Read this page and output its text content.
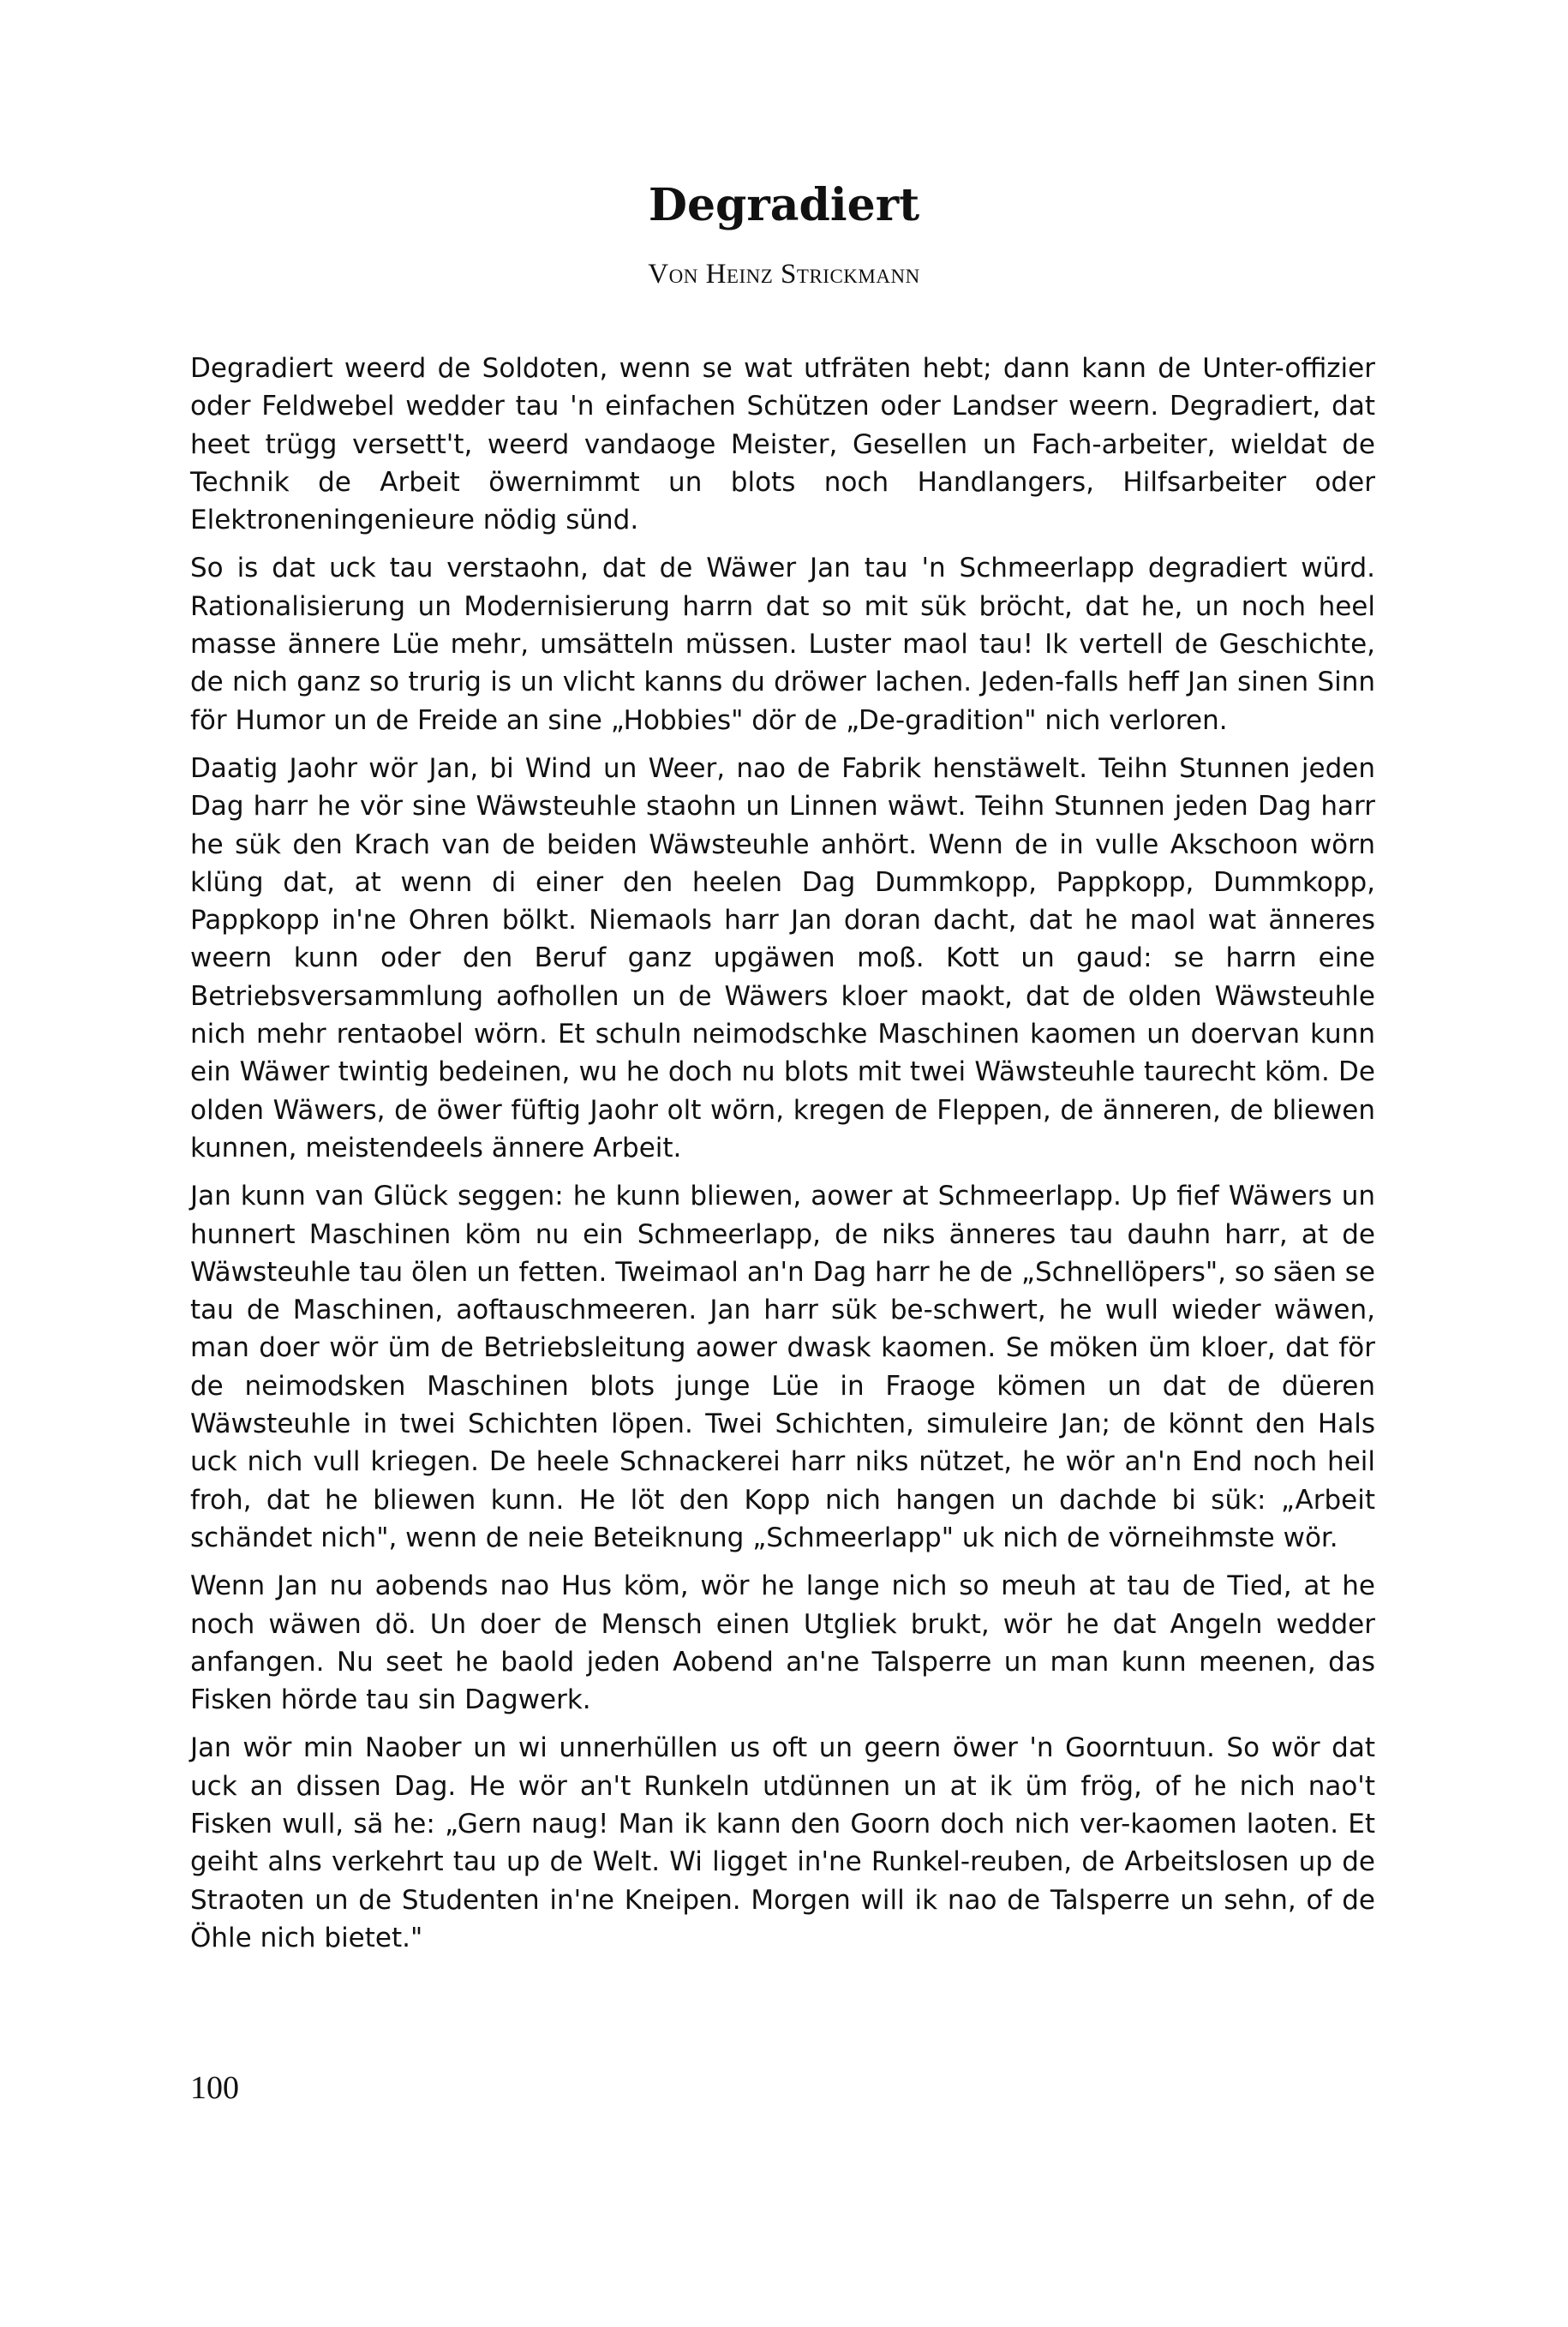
Degradiert
Von Heinz Strickmann

Degradiert weerd de Soldoten, wenn se wat utfräten hebt; dann kann de Unter-offizier oder Feldwebel wedder tau 'n einfachen Schützen oder Landser weern. Degradiert, dat heet trügg versett't, weerd vandaoge Meister, Gesellen un Fach-arbeiter, wieldat de Technik de Arbeit öwernimmt un blots noch Handlangers, Hilfsarbeiter oder Elektroneningenieure nödig sünd.

So is dat uck tau verstaohn, dat de Wäwer Jan tau 'n Schmeerlapp degradiert würd. Rationalisierung un Modernisierung harrn dat so mit sük bröcht, dat he, un noch heel masse ännere Lüe mehr, umsätteln müssen. Luster maol tau! Ik vertell de Geschichte, de nich ganz so trurig is un vlicht kanns du dröwer lachen. Jeden-falls heff Jan sinen Sinn för Humor un de Freide an sine „Hobbies" dör de „De-gradition" nich verloren.

Daatig Jaohr wör Jan, bi Wind un Weer, nao de Fabrik henstäwelt. Teihn Stunnen jeden Dag harr he vör sine Wäwsteuhle staohn un Linnen wäwt. Teihn Stunnen jeden Dag harr he sük den Krach van de beiden Wäwsteuhle anhört. Wenn de in vulle Akschoon wörn klüng dat, at wenn di einer den heelen Dag Dummkopp, Pappkopp, Dummkopp, Pappkopp in'ne Ohren bölkt. Niemaols harr Jan doran dacht, dat he maol wat änneres weern kunn oder den Beruf ganz upgäwen moß. Kott un gaud: se harrn eine Betriebsversammlung aofhollen un de Wäwers kloer maokt, dat de olden Wäwsteuhle nich mehr rentaobel wörn. Et schuln neimodschke Maschinen kaomen un doervan kunn ein Wäwer twintig bedeinen, wu he doch nu blots mit twei Wäwsteuhle taurecht köm. De olden Wäwers, de öwer füftig Jaohr olt wörn, kregen de Fleppen, de änneren, de bliewen kunnen, meistendeels ännere Arbeit.

Jan kunn van Glück seggen: he kunn bliewen, aower at Schmeerlapp. Up fief Wäwers un hunnert Maschinen köm nu ein Schmeerlapp, de niks änneres tau dauhn harr, at de Wäwsteuhle tau ölen un fetten. Tweimaol an'n Dag harr he de „Schnellöpers", so säen se tau de Maschinen, aoftauschmeeren. Jan harr sük be-schwert, he wull wieder wäwen, man doer wör üm de Betriebsleitung aower dwask kaomen. Se möken üm kloer, dat för de neimodsken Maschinen blots junge Lüe in Fraoge kömen un dat de düeren Wäwsteuhle in twei Schichten löpen. Twei Schichten, simuleire Jan; de könnt den Hals uck nich vull kriegen. De heele Schnackerei harr niks nützet, he wör an'n End noch heil froh, dat he bliewen kunn. He löt den Kopp nich hangen un dachde bi sük: „Arbeit schändet nich", wenn de neie Beteiknung „Schmeerlapp" uk nich de vörneihmste wör.

Wenn Jan nu aobends nao Hus köm, wör he lange nich so meuh at tau de Tied, at he noch wäwen dö. Un doer de Mensch einen Utgliek brukt, wör he dat Angeln wedder anfangen. Nu seet he baold jeden Aobend an'ne Talsperre un man kunn meenen, das Fisken hörde tau sin Dagwerk.

Jan wör min Naober un wi unnerhüllen us oft un geern öwer 'n Goorntuun. So wör dat uck an dissen Dag. He wör an't Runkeln utdünnen un at ik üm frög, of he nich nao't Fisken wull, sä he: „Gern naug! Man ik kann den Goorn doch nich ver-kaomen laoten. Et geiht alns verkehrt tau up de Welt. Wi ligget in'ne Runkel-reuben, de Arbeitslosen up de Straoten un de Studenten in'ne Kneipen. Morgen will ik nao de Talsperre un sehn, of de Öhle nich bietet."

100
